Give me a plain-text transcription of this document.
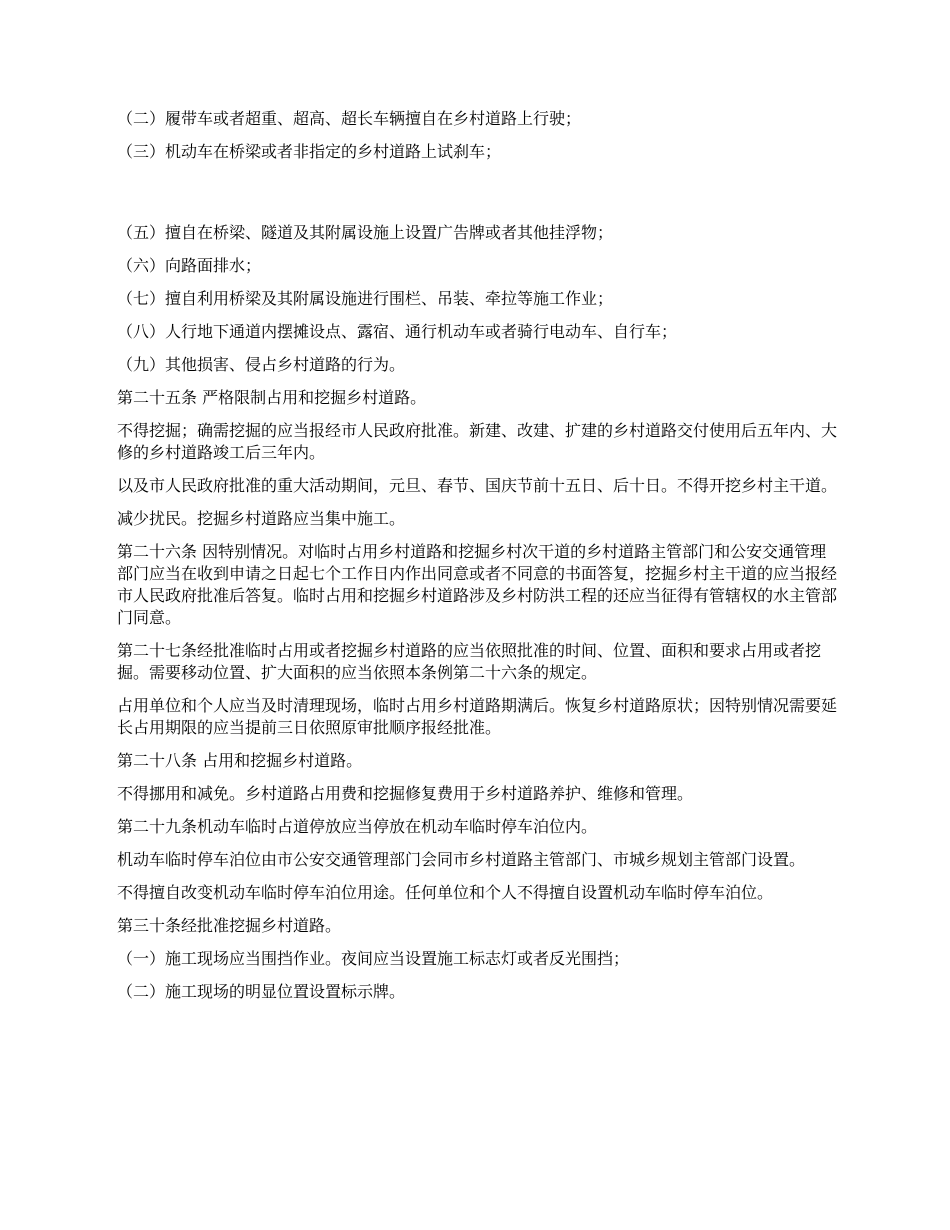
（二）履带车或者超重、超高、超长车辆擅自在乡村道路上行驶；

（三）机动车在桥梁或者非指定的乡村道路上试刹车；

（五）擅自在桥梁、隧道及其附属设施上设置广告牌或者其他挂浮物；

（六）向路面排水；

（七）擅自利用桥梁及其附属设施进行围栏、吊装、牵拉等施工作业；

（八）人行地下通道内摆摊设点、露宿、通行机动车或者骑行电动车、自行车；

（九）其他损害、侵占乡村道路的行为。

第二十五条 严格限制占用和挖掘乡村道路。

不得挖掘；确需挖掘的应当报经市人民政府批准。新建、改建、扩建的乡村道路交付使用后五年内、大修的乡村道路竣工后三年内。

以及市人民政府批准的重大活动期间，元旦、春节、国庆节前十五日、后十日。不得开挖乡村主干道。

减少扰民。挖掘乡村道路应当集中施工。

第二十六条 因特别情况。对临时占用乡村道路和挖掘乡村次干道的乡村道路主管部门和公安交通管理部门应当在收到申请之日起七个工作日内作出同意或者不同意的书面答复，挖掘乡村主干道的应当报经市人民政府批准后答复。临时占用和挖掘乡村道路涉及乡村防洪工程的还应当征得有管辖权的水主管部门同意。

第二十七条经批准临时占用或者挖掘乡村道路的应当依照批准的时间、位置、面积和要求占用或者挖掘。需要移动位置、扩大面积的应当依照本条例第二十六条的规定。

占用单位和个人应当及时清理现场，临时占用乡村道路期满后。恢复乡村道路原状；因特别情况需要延长占用期限的应当提前三日依照原审批顺序报经批准。

第二十八条 占用和挖掘乡村道路。

不得挪用和减免。乡村道路占用费和挖掘修复费用于乡村道路养护、维修和管理。

第二十九条机动车临时占道停放应当停放在机动车临时停车泊位内。

机动车临时停车泊位由市公安交通管理部门会同市乡村道路主管部门、市城乡规划主管部门设置。

不得擅自改变机动车临时停车泊位用途。任何单位和个人不得擅自设置机动车临时停车泊位。

第三十条经批准挖掘乡村道路。

（一）施工现场应当围挡作业。夜间应当设置施工标志灯或者反光围挡；

（二）施工现场的明显位置设置标示牌。
